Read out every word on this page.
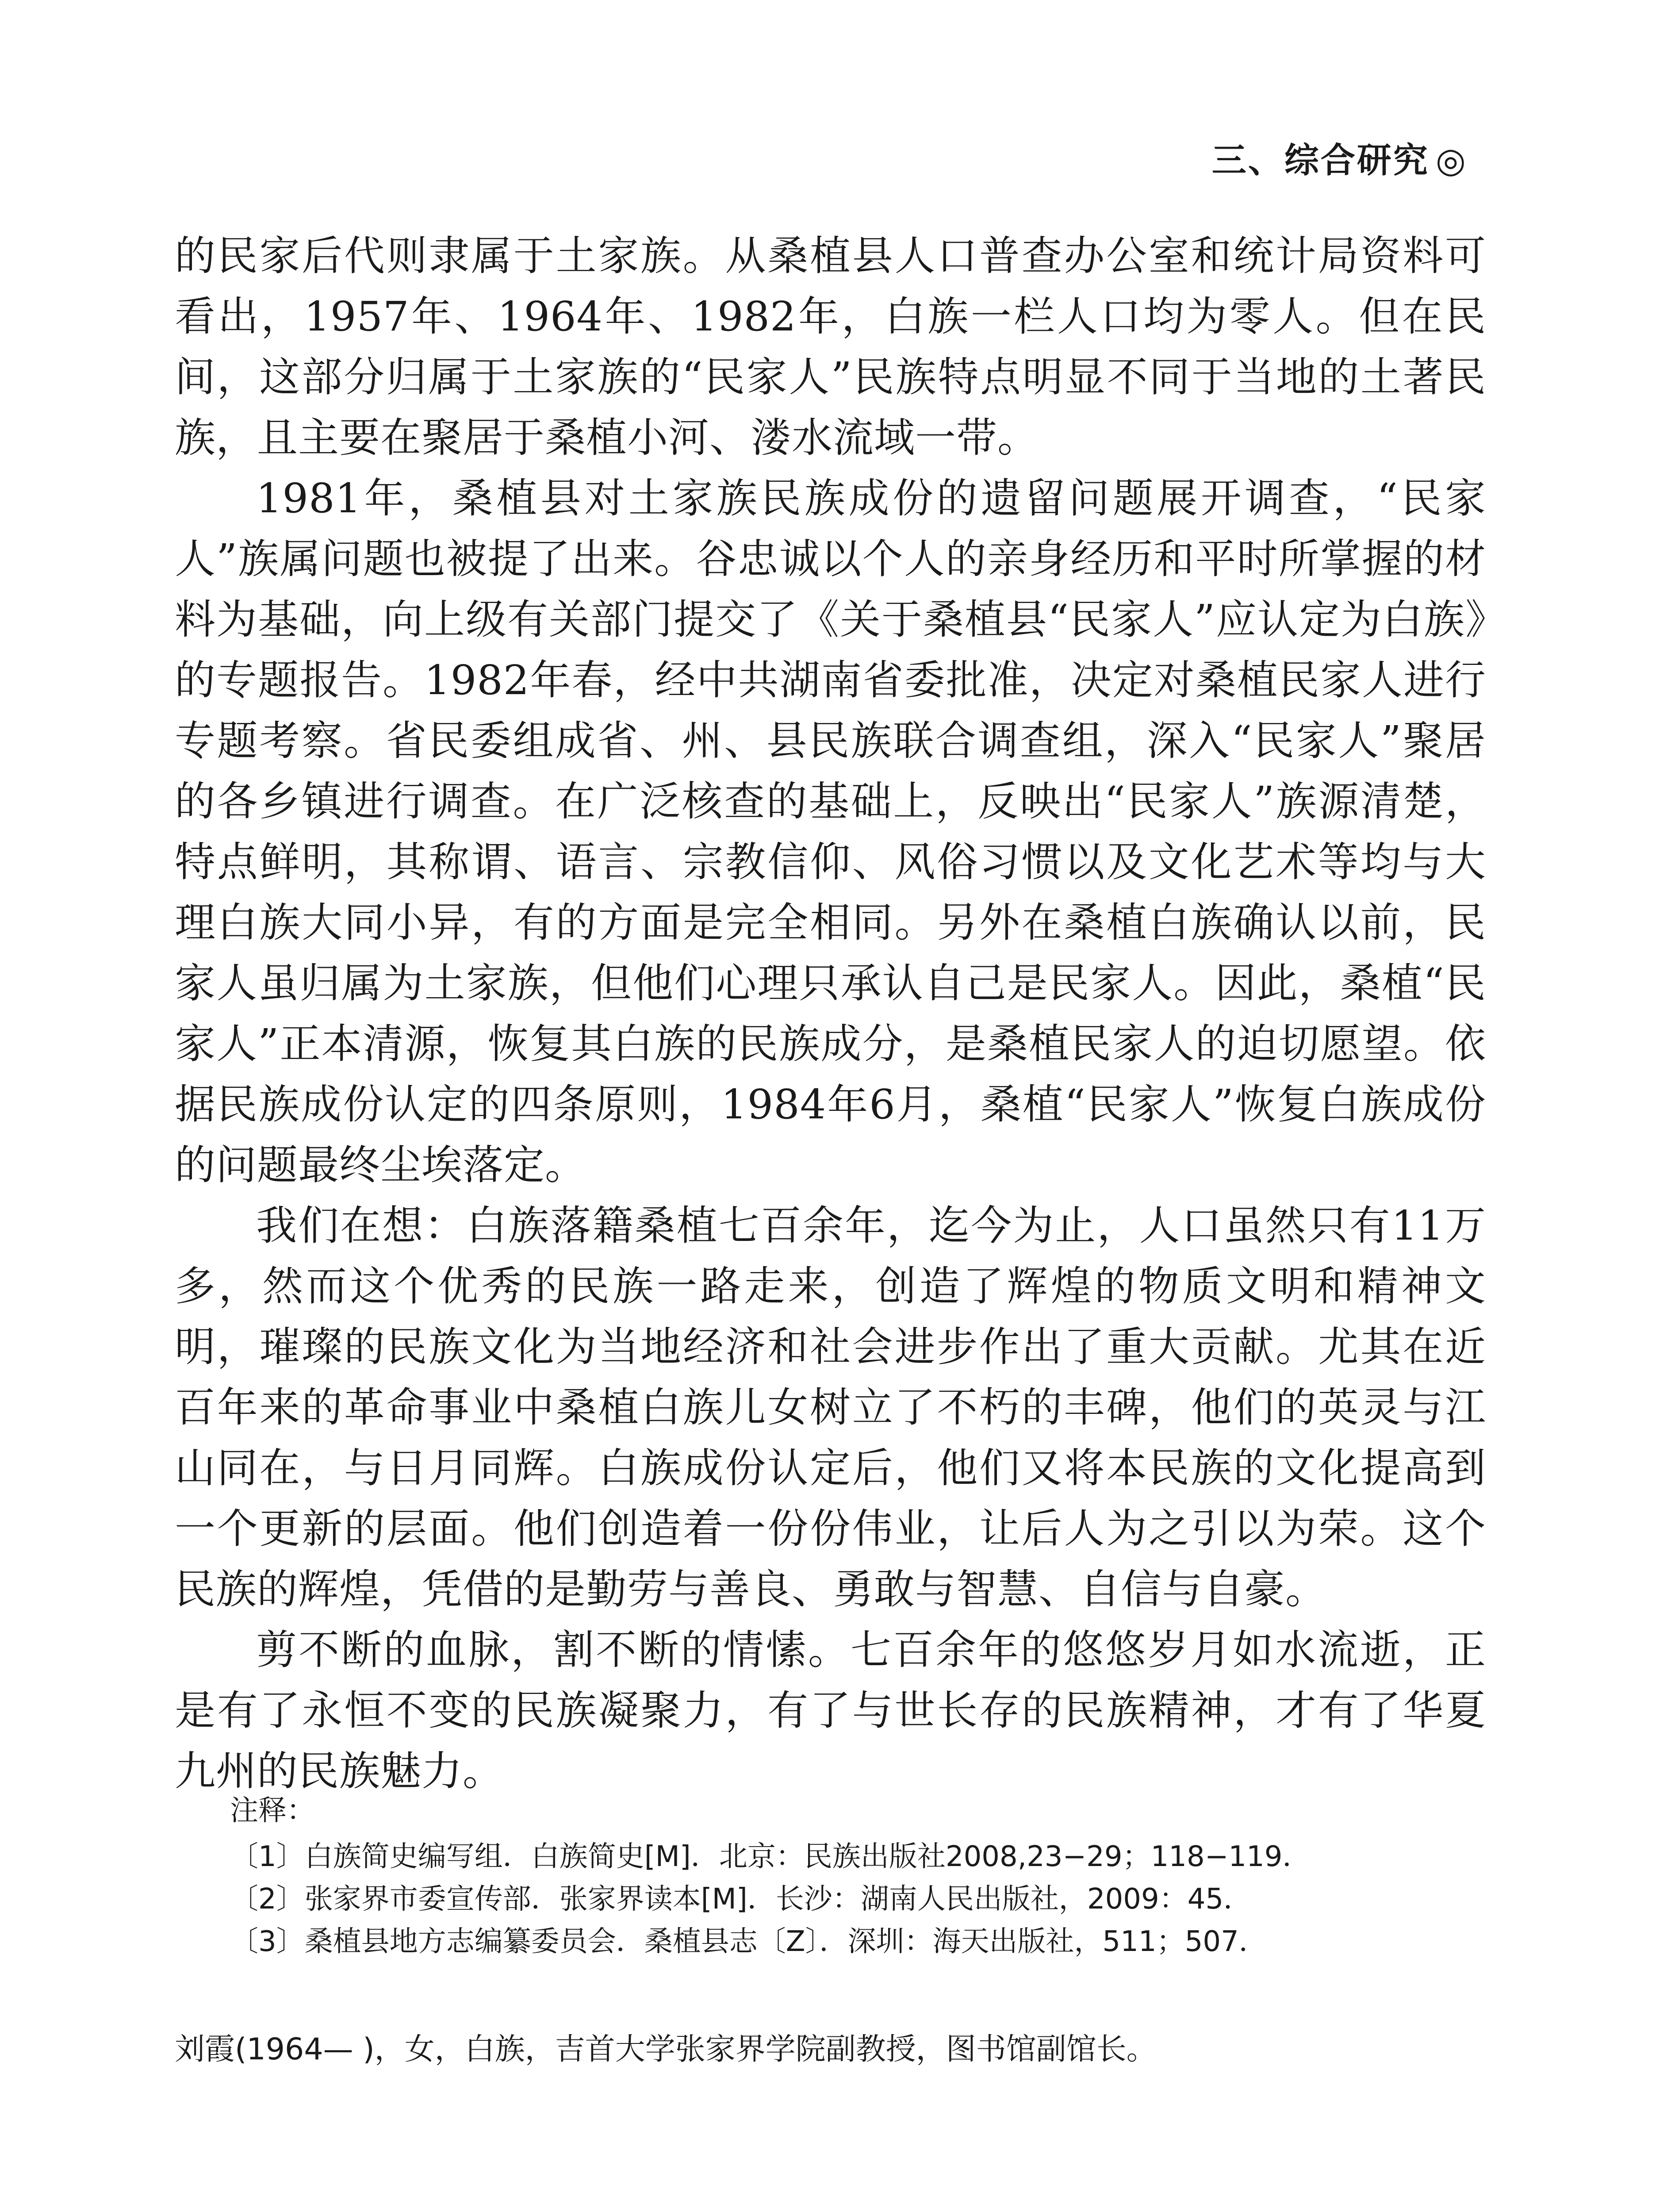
三、综合研究 ◎

的民家后代则隶属于土家族。从桑植县人口普查办公室和统计局资料可看出，1957年、1964年、1982年，白族一栏人口均为零人。但在民间，这部分归属于土家族的“民家人”民族特点明显不同于当地的土著民族，且主要在聚居于桑植小河、溇水流域一带。

1981年，桑植县对土家族民族成份的遗留问题展开调查，“民家人”族属问题也被提了出来。谷忠诚以个人的亲身经历和平时所掌握的材料为基础，向上级有关部门提交了《关于桑植县“民家人”应认定为白族》的专题报告。1982年春，经中共湖南省委批准，决定对桑植民家人进行专题考察。省民委组成省、州、县民族联合调查组，深入“民家人”聚居的各乡镇进行调查。在广泛核查的基础上，反映出“民家人”族源清楚，特点鲜明，其称谓、语言、宗教信仰、风俗习惯以及文化艺术等均与大理白族大同小异，有的方面是完全相同。另外在桑植白族确认以前，民家人虽归属为土家族，但他们心理只承认自己是民家人。因此，桑植“民家人”正本清源，恢复其白族的民族成分，是桑植民家人的迫切愿望。依据民族成份认定的四条原则，1984年6月，桑植“民家人”恢复白族成份的问题最终尘埃落定。

我们在想：白族落籍桑植七百余年，迄今为止，人口虽然只有11万多，然而这个优秀的民族一路走来，创造了辉煌的物质文明和精神文明，璀璨的民族文化为当地经济和社会进步作出了重大贡献。尤其在近百年来的革命事业中桑植白族儿女树立了不朽的丰碑，他们的英灵与江山同在，与日月同辉。白族成份认定后，他们又将本民族的文化提高到一个更新的层面。他们创造着一份份伟业，让后人为之引以为荣。这个民族的辉煌，凭借的是勤劳与善良、勇敢与智慧、自信与自豪。

剪不断的血脉，割不断的情愫。七百余年的悠悠岁月如水流逝，正是有了永恒不变的民族凝聚力，有了与世长存的民族精神，才有了华夏九州的民族魅力。

注释：

〔1〕白族简史编写组．白族简史[M]．北京：民族出版社2008,23−29；118−119．

〔2〕张家界市委宣传部．张家界读本[M]．长沙：湖南人民出版社，2009：45．

〔3〕桑植县地方志编纂委员会．桑植县志〔Z〕．深圳：海天出版社，511；507．

刘霞(1964— )，女，白族，吉首大学张家界学院副教授，图书馆副馆长。
